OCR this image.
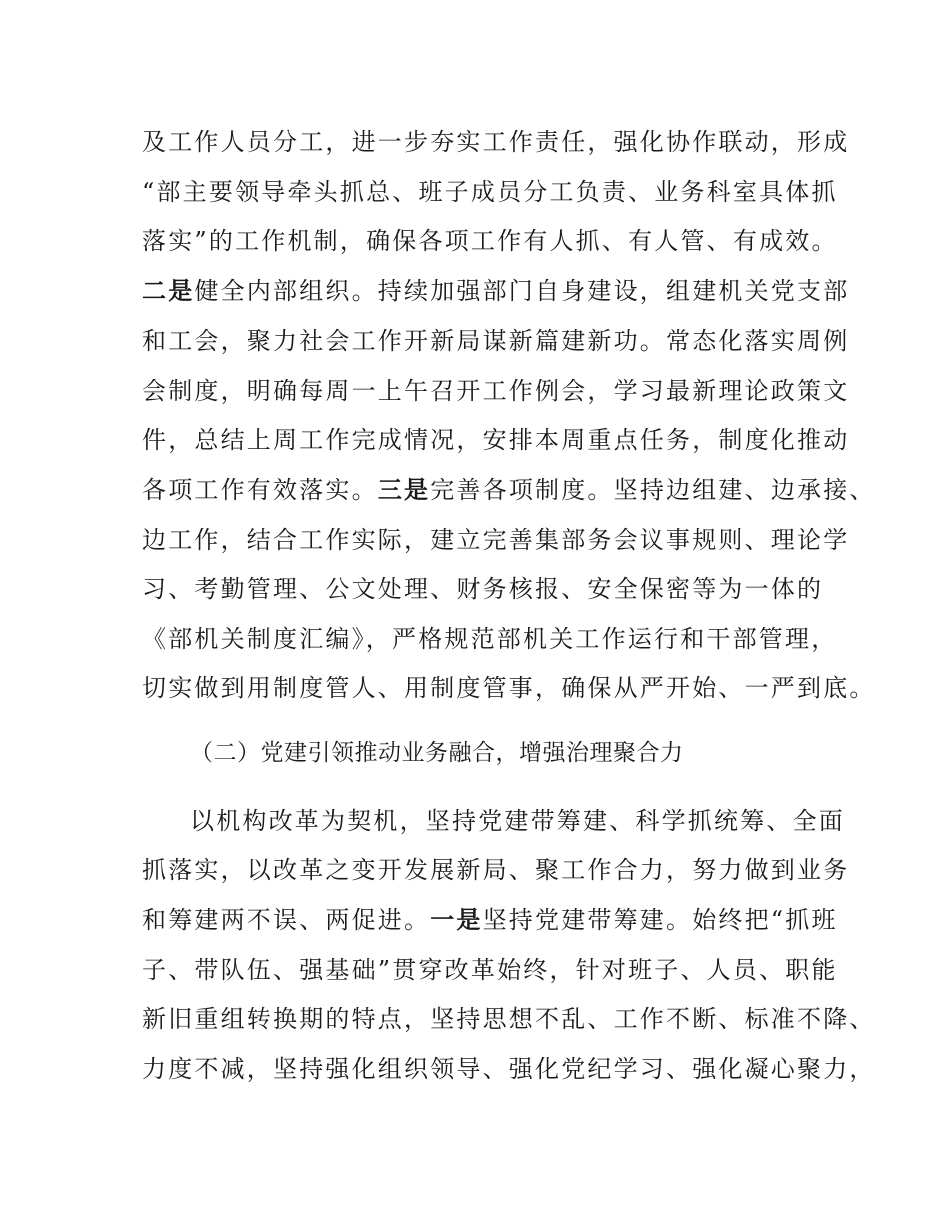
及工作人员分工，进一步夯实工作责任，强化协作联动，形成
“部主要领导牵头抓总、班子成员分工负责、业务科室具体抓
落实”的工作机制，确保各项工作有人抓、有人管、有成效。
二是健全内部组织。持续加强部门自身建设，组建机关党支部
和工会，聚力社会工作开新局谋新篇建新功。常态化落实周例
会制度，明确每周一上午召开工作例会，学习最新理论政策文
件，总结上周工作完成情况，安排本周重点任务，制度化推动
各项工作有效落实。三是完善各项制度。坚持边组建、边承接、
边工作，结合工作实际，建立完善集部务会议事规则、理论学
习、考勤管理、公文处理、财务核报、安全保密等为一体的
《部机关制度汇编》，严格规范部机关工作运行和干部管理，
切实做到用制度管人、用制度管事，确保从严开始、一严到底。
（二）党建引领推动业务融合，增强治理聚合力
以机构改革为契机，坚持党建带筹建、科学抓统筹、全面
抓落实，以改革之变开发展新局、聚工作合力，努力做到业务
和筹建两不误、两促进。一是坚持党建带筹建。始终把“抓班
子、带队伍、强基础”贯穿改革始终，针对班子、人员、职能
新旧重组转换期的特点，坚持思想不乱、工作不断、标准不降、
力度不减，坚持强化组织领导、强化党纪学习、强化凝心聚力，
